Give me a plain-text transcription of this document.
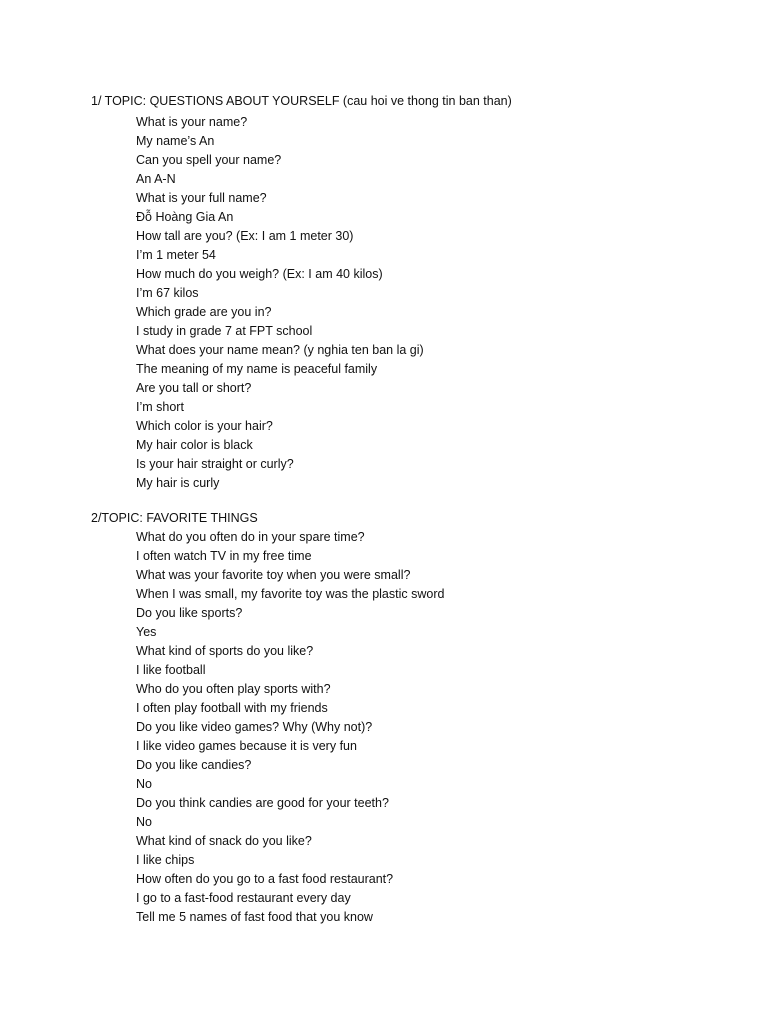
1/ TOPIC: QUESTIONS ABOUT YOURSELF (cau hoi ve thong tin ban than)
What is your name?
My name’s An
Can you spell your name?
An A-N
What is your full name?
Đỗ Hoàng Gia An
How tall are you? (Ex: I am 1 meter 30)
I’m 1 meter 54
How much do you weigh? (Ex: I am 40 kilos)
I’m 67 kilos
Which grade are you in?
I study in grade 7 at FPT school
What does your name mean? (y nghia ten ban la gi)
The meaning of my name is peaceful family
Are you tall or short?
I’m short
Which color is your hair?
My hair color is black
Is your hair straight or curly?
My hair is curly
2/TOPIC: FAVORITE THINGS
What do you often do in your spare time?
I often watch TV in my free time
What was your favorite toy when you were small?
When I was small, my favorite toy was the plastic sword
Do you like sports?
Yes
What kind of sports do you like?
I like football
Who do you often play sports with?
I often play football with my friends
Do you like video games? Why (Why not)?
I like video games because it is very fun
Do you like candies?
No
Do you think candies are good for your teeth?
No
What kind of snack do you like?
I like chips
How often do you go to a fast food restaurant?
I go to a fast-food restaurant every day
Tell me 5 names of fast food that you know
